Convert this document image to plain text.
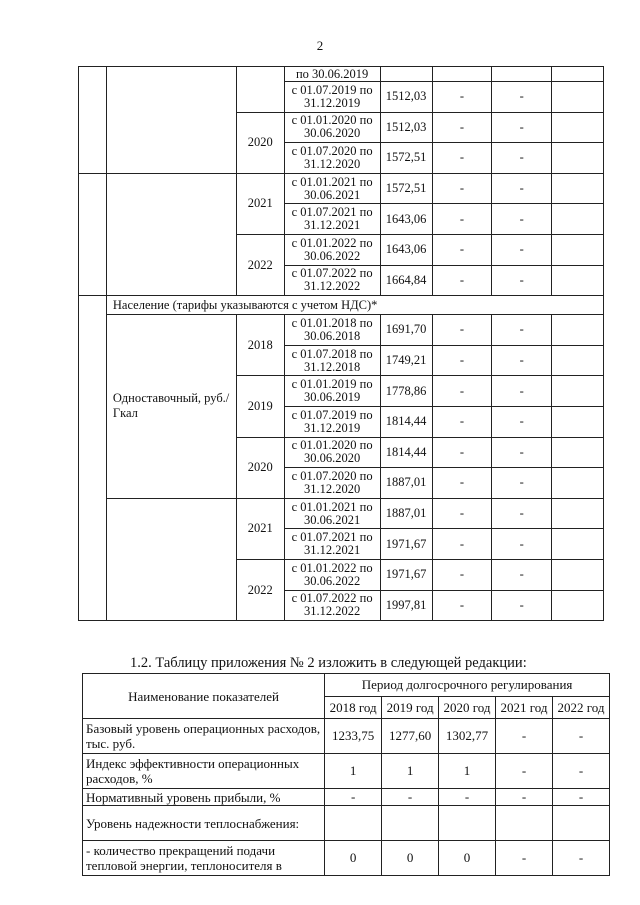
2
			по 30.06.2019				
			с 01.07.2019 по 31.12.2019	1512,03	-	-	
		2020	с 01.01.2020 по 30.06.2020	1512,03	-	-	
			с 01.07.2020 по 31.12.2020	1572,51	-	-	
		2021	с 01.01.2021 по 30.06.2021	1572,51	-	-	
			с 01.07.2021 по 31.12.2021	1643,06	-	-	
		2022	с 01.01.2022 по 30.06.2022	1643,06	-	-	
			с 01.07.2022 по 31.12.2022	1664,84	-	-	
	Население (тарифы указываются с учетом НДС)*						
	Одноставочный, руб./Гкал	2018	с 01.01.2018 по 30.06.2018	1691,70	-	-	
			с 01.07.2018 по 31.12.2018	1749,21	-	-	
		2019	с 01.01.2019 по 30.06.2019	1778,86	-	-	
			с 01.07.2019 по 31.12.2019	1814,44	-	-	
		2020	с 01.01.2020 по 30.06.2020	1814,44	-	-	
			с 01.07.2020 по 31.12.2020	1887,01	-	-	
		2021	с 01.01.2021 по 30.06.2021	1887,01	-	-	
			с 01.07.2021 по 31.12.2021	1971,67	-	-	
		2022	с 01.01.2022 по 30.06.2022	1971,67	-	-	
			с 01.07.2022 по 31.12.2022	1997,81	-	-	
1.2. Таблицу приложения № 2 изложить в следующей редакции:
Наименование показателей	Период долгосрочного регулирования				
	2018 год	2019 год	2020 год	2021 год	2022 год
Базовый уровень операционных расходов, тыс. руб.	1233,75	1277,60	1302,77	-	-
Индекс эффективности операционных расходов, %	1	1	1	-	-
Нормативный уровень прибыли, %	-	-	-	-	-
Уровень надежности теплоснабжения:					
- количество прекращений подачи тепловой энергии, теплоносителя в	0	0	0	-	-
